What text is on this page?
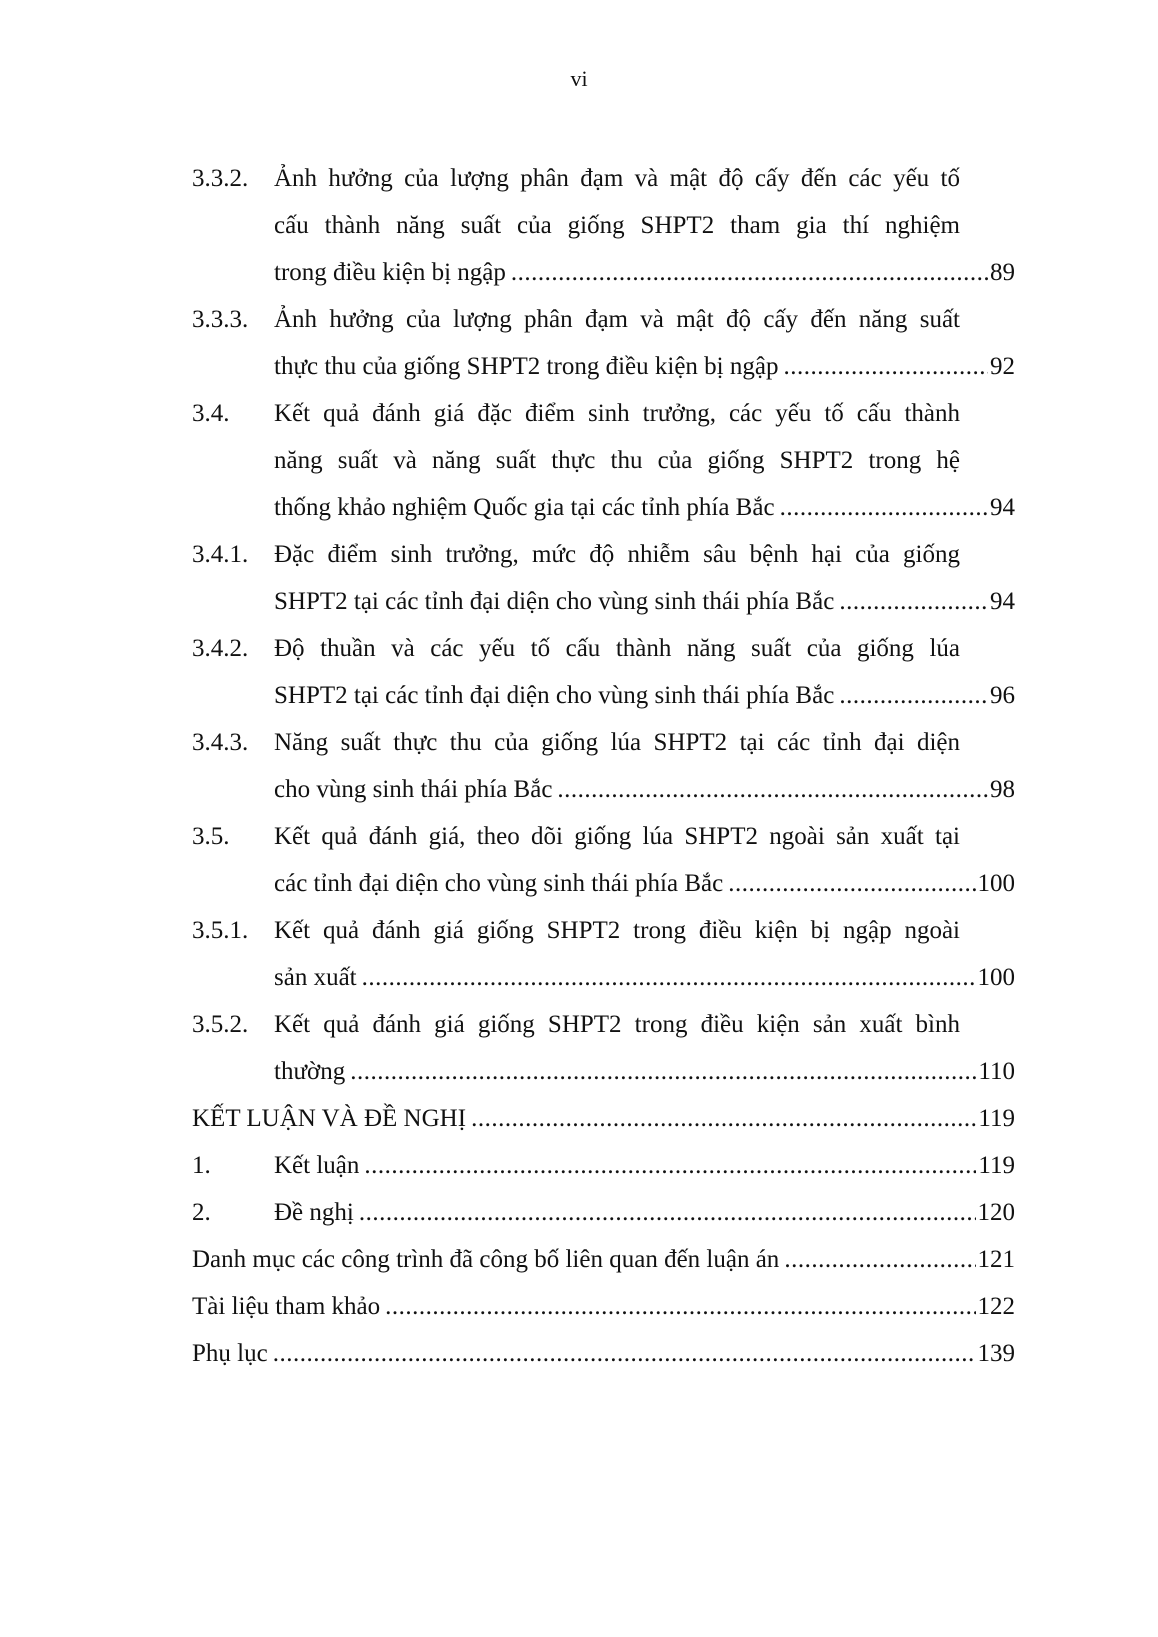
vi
3.3.2. Ảnh hưởng của lượng phân đạm và mật độ cấy đến các yếu tố
cấu thành năng suất của giống SHPT2 tham gia thí nghiệm
trong điều kiện bị ngập .....	89
3.3.3. Ảnh hưởng của lượng phân đạm và mật độ cấy đến năng suất
thực thu của giống SHPT2 trong điều kiện bị ngập .....	92
3.4. Kết quả đánh giá đặc điểm sinh trưởng, các yếu tố cấu thành
năng suất và năng suất thực thu của giống SHPT2 trong hệ
thống khảo nghiệm Quốc gia tại các tỉnh phía Bắc .....	94
3.4.1. Đặc điểm sinh trưởng, mức độ nhiễm sâu bệnh hại của giống
SHPT2 tại các tỉnh đại diện cho vùng sinh thái phía Bắc .....	94
3.4.2. Độ thuần và các yếu tố cấu thành năng suất của giống lúa
SHPT2 tại các tỉnh đại diện cho vùng sinh thái phía Bắc .....	96
3.4.3. Năng suất thực thu của giống lúa SHPT2 tại các tỉnh đại diện
cho vùng sinh thái phía Bắc .....	98
3.5. Kết quả đánh giá, theo dõi giống lúa SHPT2 ngoài sản xuất tại
các tỉnh đại diện cho vùng sinh thái phía Bắc .....	100
3.5.1. Kết quả đánh giá giống SHPT2 trong điều kiện bị ngập ngoài
sản xuất .....	100
3.5.2. Kết quả đánh giá giống SHPT2 trong điều kiện sản xuất bình
thường .....	110
KẾT LUẬN VÀ ĐỀ NGHỊ .....	119
1.	Kết luận .....	119
2.	Đề nghị .....	120
Danh mục các công trình đã công bố liên quan đến luận án .....	121
Tài liệu tham khảo .....	122
Phụ lục .....	139
